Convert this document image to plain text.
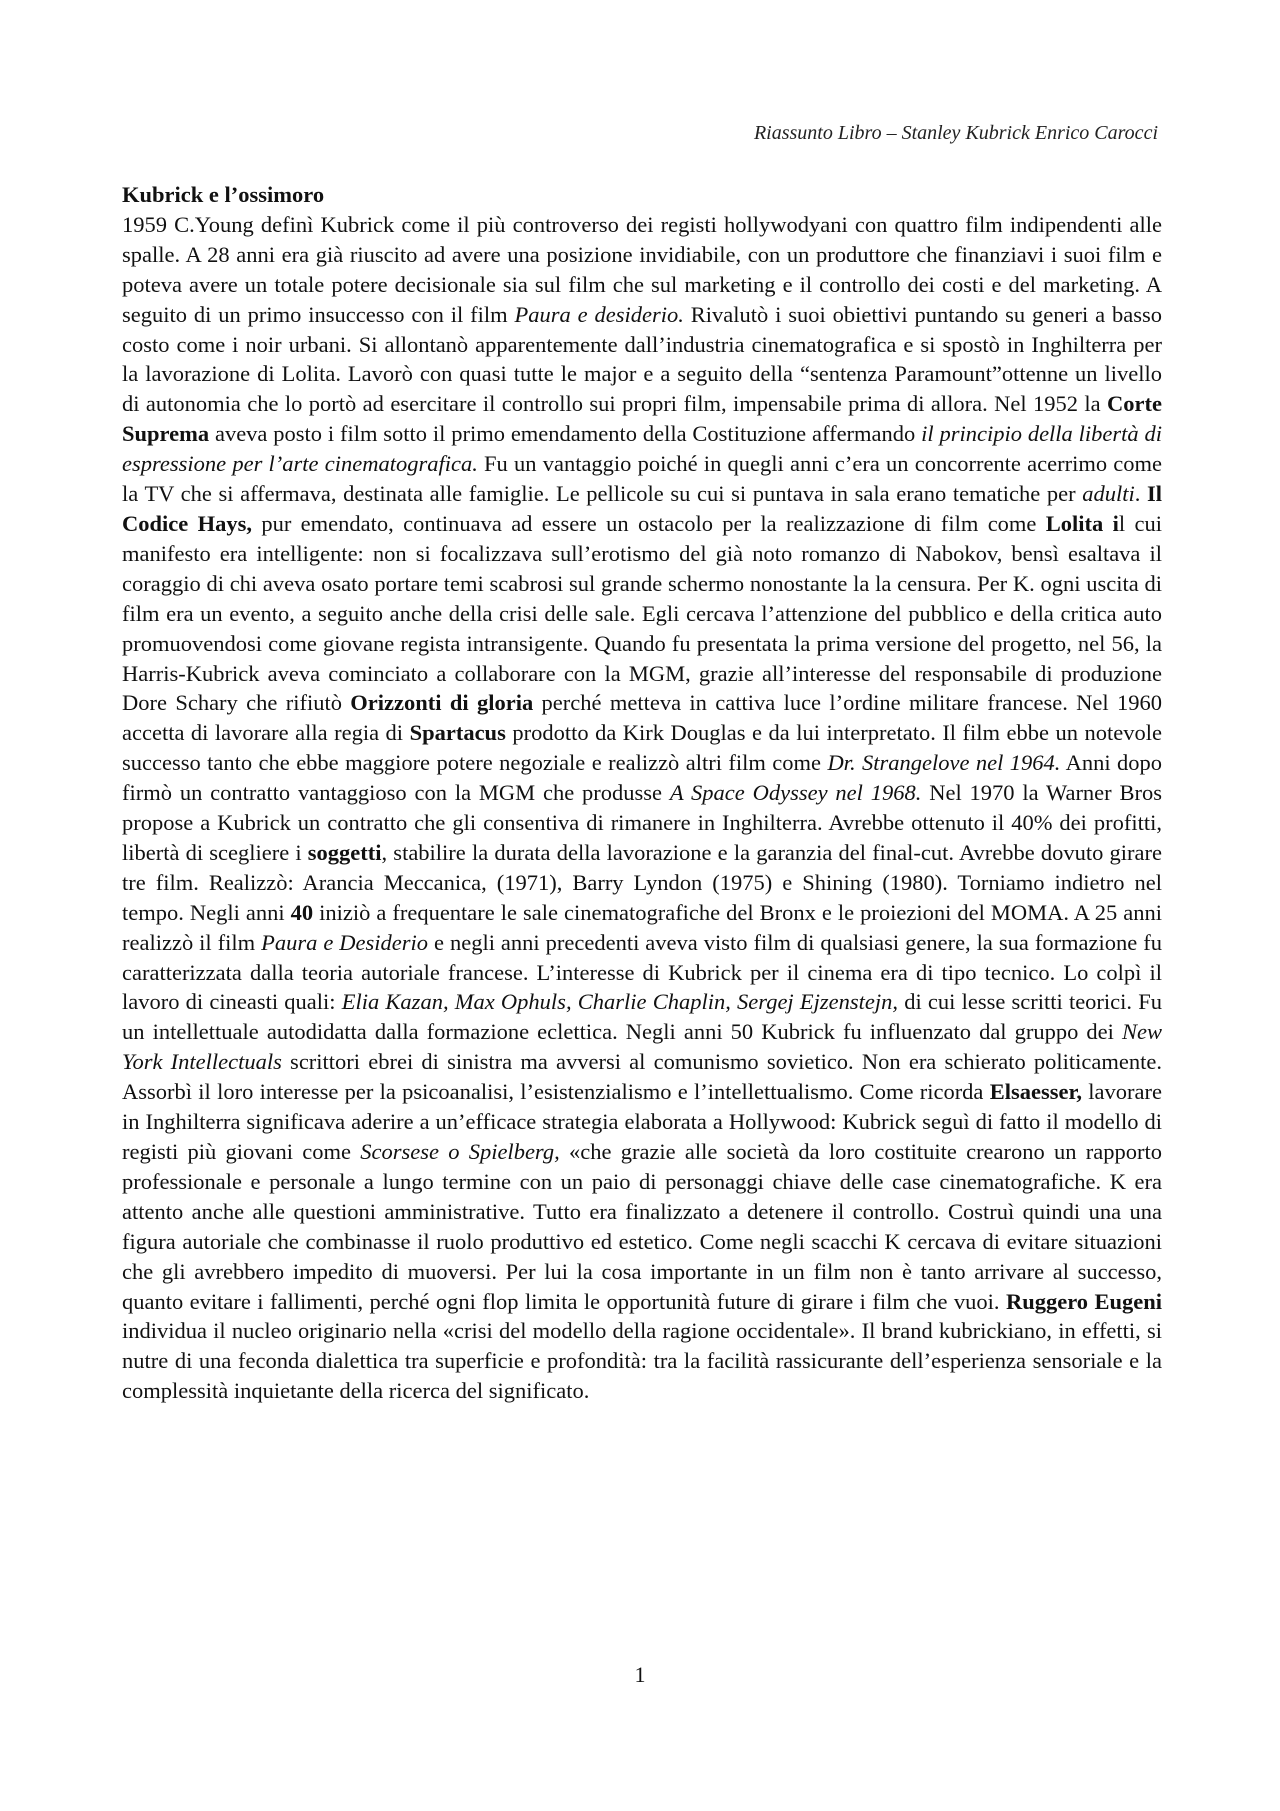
Riassunto Libro – Stanley Kubrick Enrico Carocci

Kubrick e l’ossimoro

1959 C.Young definì Kubrick come il più controverso dei registi hollywodyani con quattro film indipendenti alle spalle. A 28 anni era già riuscito ad avere una posizione invidiabile, con un produttore che finanziavi i suoi film e poteva avere un totale potere decisionale sia sul film che sul marketing e il controllo dei costi e del marketing. A seguito di un primo insuccesso con il film Paura e desiderio. Rivalutò i suoi obiettivi puntando su generi a basso costo come i noir urbani. Si allontanò apparentemente dall’industria cinematografica e si spostò in Inghilterra per la lavorazione di Lolita. Lavorò con quasi tutte le major e a seguito della “sentenza Paramount”ottenne un livello di autonomia che lo portò ad esercitare il controllo sui propri film, impensabile prima di allora. Nel 1952 la Corte Suprema aveva posto i film sotto il primo emendamento della Costituzione affermando il principio della libertà di espressione per l’arte cinematografica. Fu un vantaggio poiché in quegli anni c’era un concorrente acerrimo come la TV che si affermava, destinata alle famiglie. Le pellicole su cui si puntava in sala erano tematiche per adulti. Il Codice Hays, pur emendato, continuava ad essere un ostacolo per la realizzazione di film come Lolita il cui manifesto era intelligente: non si focalizzava sull’erotismo del già noto romanzo di Nabokov, bensì esaltava il coraggio di chi aveva osato portare temi scabrosi sul grande schermo nonostante la la censura. Per K. ogni uscita di film era un evento, a seguito anche della crisi delle sale. Egli cercava l’attenzione del pubblico e della critica auto promuovendosi come giovane regista intransigente. Quando fu presentata la prima versione del progetto, nel 56, la Harris-Kubrick aveva cominciato a collaborare con la MGM, grazie all’interesse del responsabile di produzione Dore Schary che rifiutò Orizzonti di gloria perché metteva in cattiva luce l’ordine militare francese. Nel 1960 accetta di lavorare alla regia di Spartacus prodotto da Kirk Douglas e da lui interpretato. Il film ebbe un notevole successo tanto che ebbe maggiore potere negoziale e realizzò altri film come Dr. Strangelove nel 1964. Anni dopo firmò un contratto vantaggioso con la MGM che produsse A Space Odyssey nel 1968. Nel 1970 la Warner Bros propose a Kubrick un contratto che gli consentiva di rimanere in Inghilterra. Avrebbe ottenuto il 40% dei profitti, libertà di scegliere i soggetti, stabilire la durata della lavorazione e la garanzia del final-cut. Avrebbe dovuto girare tre film. Realizzò: Arancia Meccanica, (1971), Barry Lyndon (1975) e Shining (1980). Torniamo indietro nel tempo. Negli anni 40 iniziò a frequentare le sale cinematografiche del Bronx e le proiezioni del MOMA. A 25 anni realizzò il film Paura e Desiderio e negli anni precedenti aveva visto film di qualsiasi genere, la sua formazione fu caratterizzata dalla teoria autoriale francese. L’interesse di Kubrick per il cinema era di tipo tecnico. Lo colpì il lavoro di cineasti quali: Elia Kazan, Max Ophuls, Charlie Chaplin, Sergej Ejzenstejn, di cui lesse scritti teorici. Fu un intellettuale autodidatta dalla formazione eclettica. Negli anni 50 Kubrick fu influenzato dal gruppo dei New York Intellectuals scrittori ebrei di sinistra ma avversi al comunismo sovietico. Non era schierato politicamente. Assorbì il loro interesse per la psicoanalisi, l’esistenzialismo e l’intellettualismo. Come ricorda Elsaesser, lavorare in Inghilterra significava aderire a un’efficace strategia elaborata a Hollywood: Kubrick seguì di fatto il modello di registi più giovani come Scorsese o Spielberg, «che grazie alle società da loro costituite crearono un rapporto professionale e personale a lungo termine con un paio di personaggi chiave delle case cinematografiche. K era attento anche alle questioni amministrative. Tutto era finalizzato a detenere il controllo. Costruì quindi una una figura autoriale che combinasse il ruolo produttivo ed estetico. Come negli scacchi K cercava di evitare situazioni che gli avrebbero impedito di muoversi. Per lui la cosa importante in un film non è tanto arrivare al successo, quanto evitare i fallimenti, perché ogni flop limita le opportunità future di girare i film che vuoi. Ruggero Eugeni individua il nucleo originario nella «crisi del modello della ragione occidentale». Il brand kubrickiano, in effetti, si nutre di una feconda dialettica tra superficie e profondità: tra la facilità rassicurante dell’esperienza sensoriale e la complessità inquietante della ricerca del significato.

1
